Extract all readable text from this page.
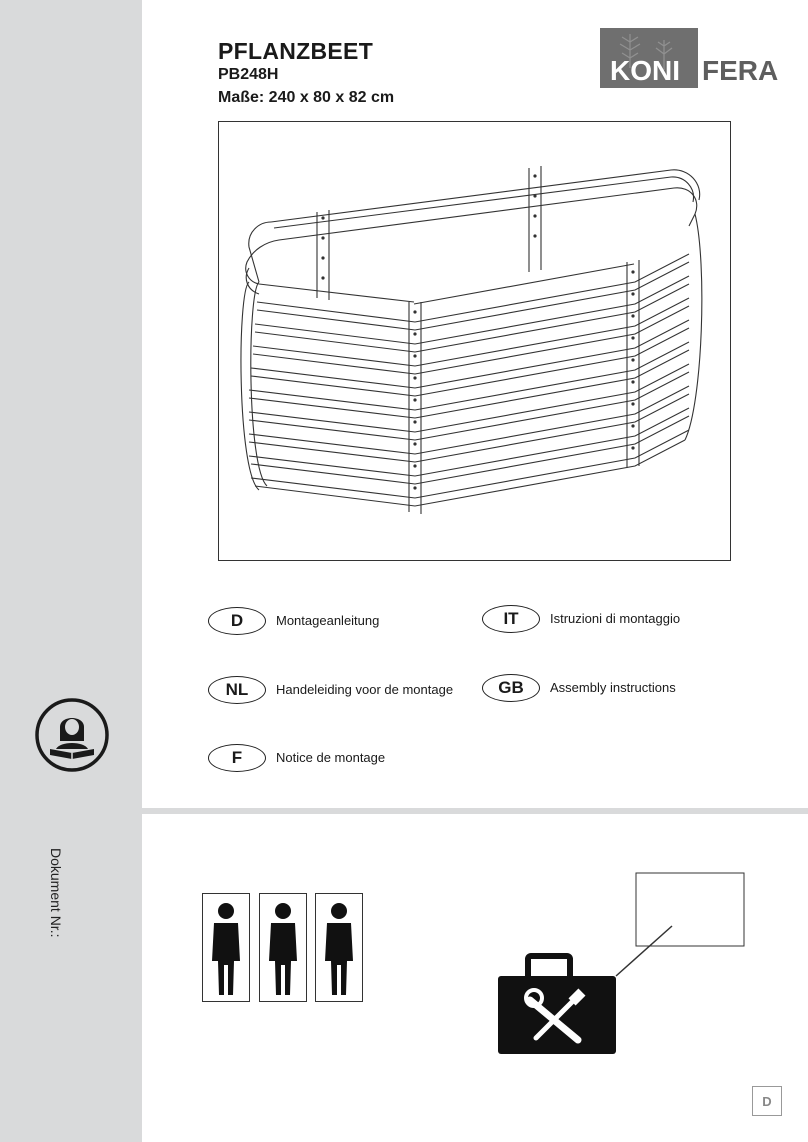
PFLANZBEET
PB248H
Maße: 240 x 80 x 82 cm
KONI FERA
D	Montageanleitung	IT	Istruzioni di montaggio
NL	Handeleiding voor de montage	GB	Assembly instructions
F	Notice de montage
Dokument Nr.:
D
